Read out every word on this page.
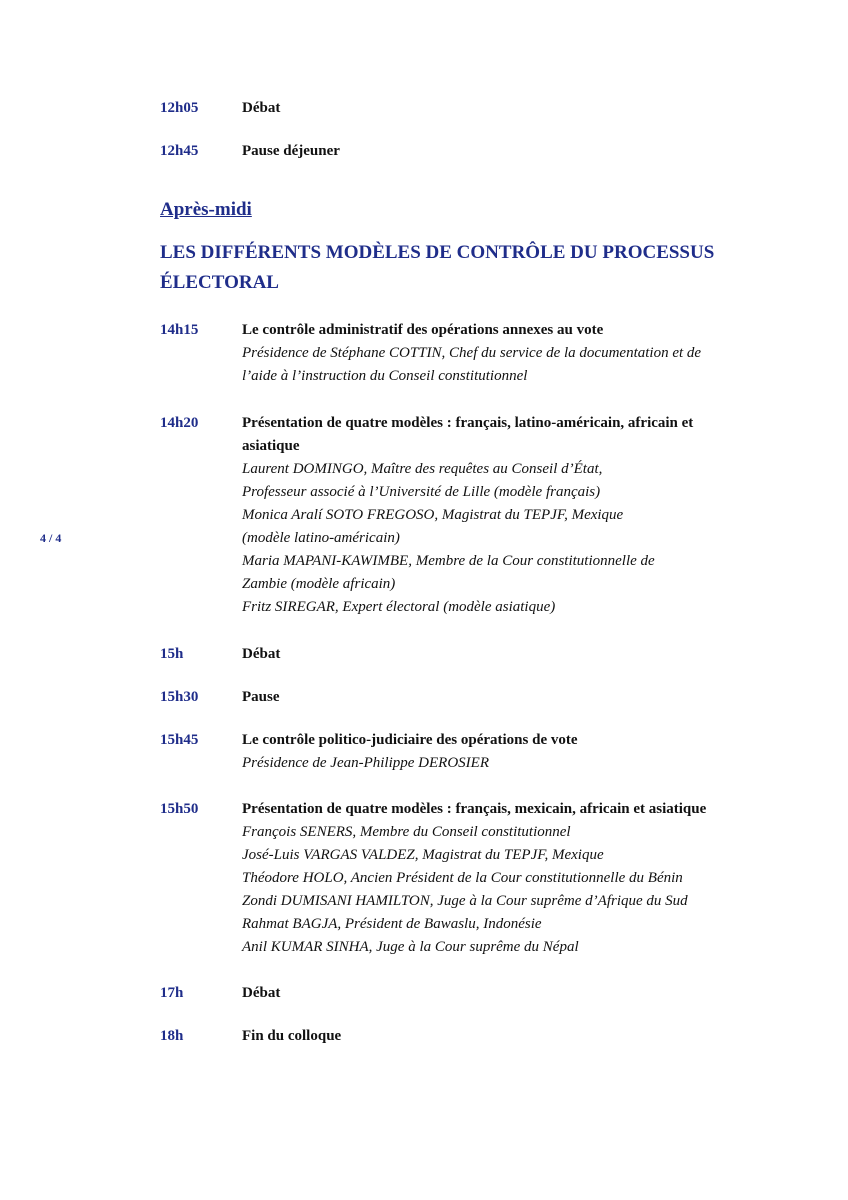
4 / 4
12h05	Débat
12h45	Pause déjeuner
Après-midi
LES DIFFÉRENTS MODÈLES DE CONTRÔLE DU PROCESSUS
ÉLECTORAL
14h15	Le contrôle administratif des opérations annexes au vote
Présidence de Stéphane COTTIN, Chef du service de la documentation et de
l’aide à l’instruction du Conseil constitutionnel
14h20	Présentation de quatre modèles : français, latino-américain, africain et
asiatique
Laurent DOMINGO, Maître des requêtes au Conseil d’État,
Professeur associé à l’Université de Lille (modèle français)
Monica Aralí SOTO FREGOSO, Magistrat du TEPJF, Mexique
(modèle latino-américain)
Maria MAPANI-KAWIMBE, Membre de la Cour constitutionnelle de
Zambie (modèle africain)
Fritz SIREGAR, Expert électoral (modèle asiatique)
15h	Débat
15h30	Pause
15h45	Le contrôle politico-judiciaire des opérations de vote
Présidence de Jean-Philippe DEROSIER
15h50	Présentation de quatre modèles : français, mexicain, africain et asiatique
François SENERS, Membre du Conseil constitutionnel
José-Luis VARGAS VALDEZ, Magistrat du TEPJF, Mexique
Théodore HOLO, Ancien Président de la Cour constitutionnelle du Bénin
Zondi DUMISANI HAMILTON, Juge à la Cour suprême d’Afrique du Sud
Rahmat BAGJA, Président de Bawaslu, Indonésie
Anil KUMAR SINHA, Juge à la Cour suprême du Népal
17h	Débat
18h	Fin du colloque
